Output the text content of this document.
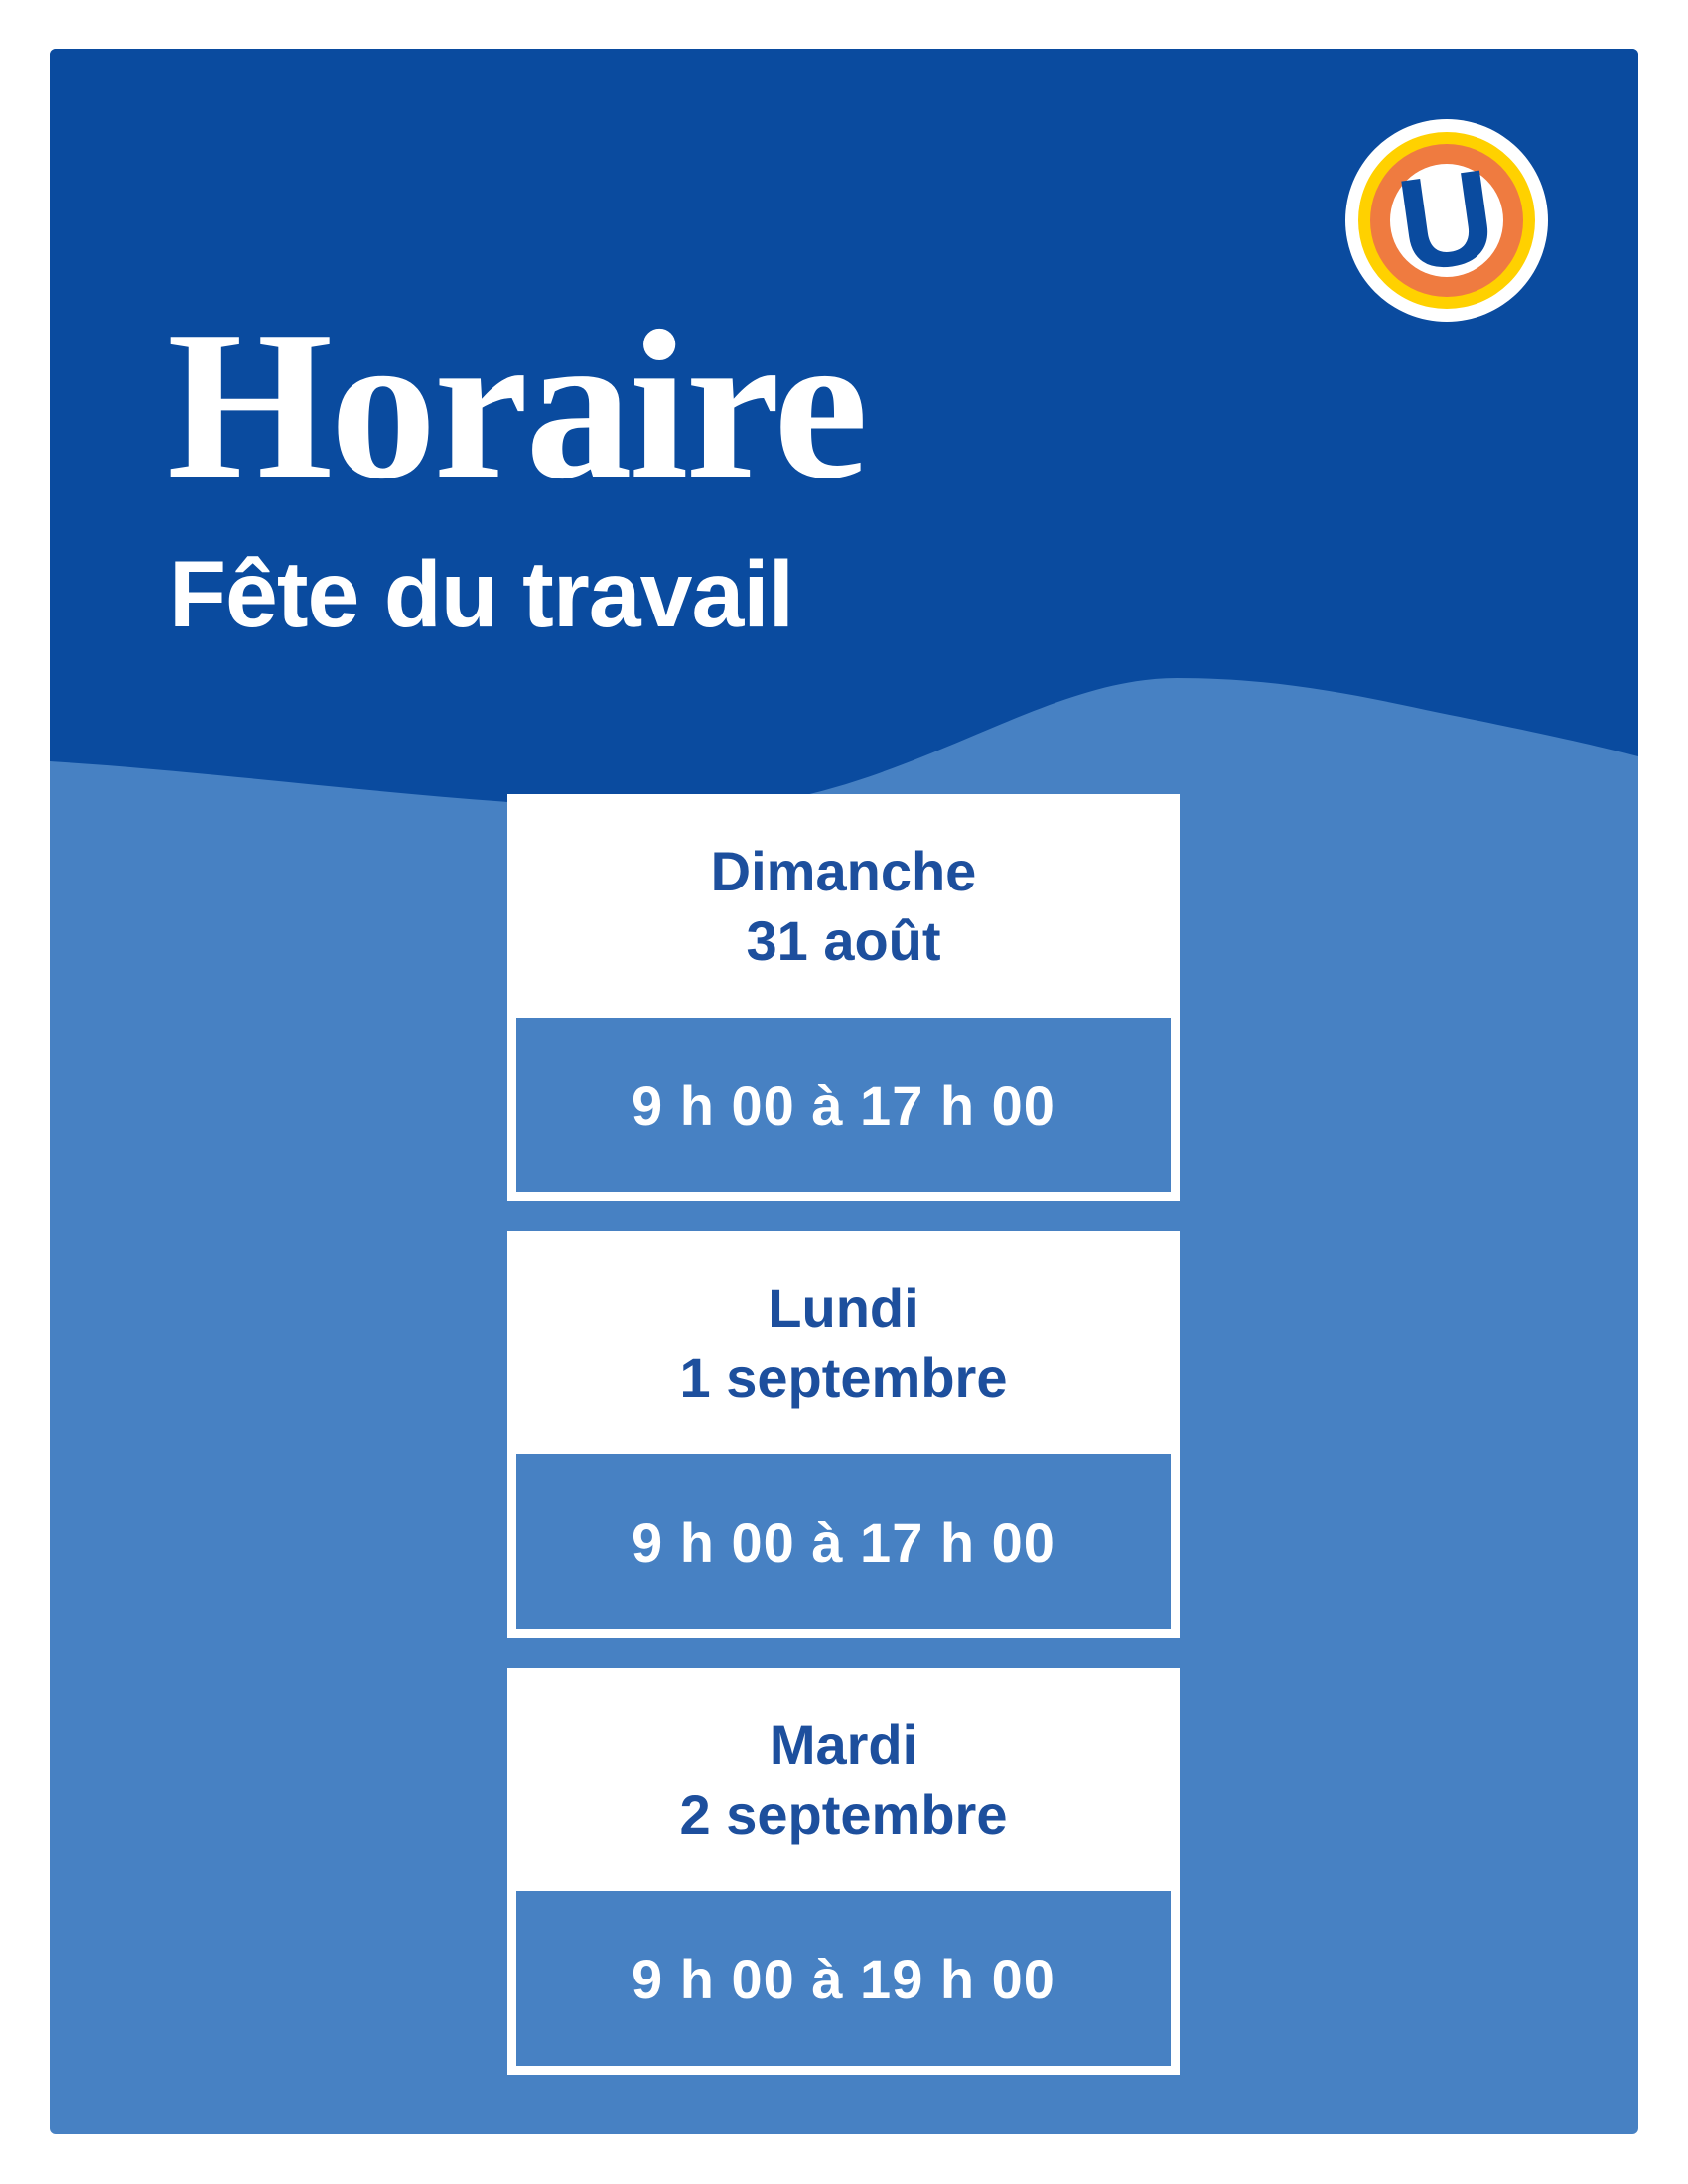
Horaire
Fête du travail
U
Dimanche
31 août
9 h 00 à 17 h 00
Lundi
1 septembre
9 h 00 à 17 h 00
Mardi
2 septembre
9 h 00 à 19 h 00
